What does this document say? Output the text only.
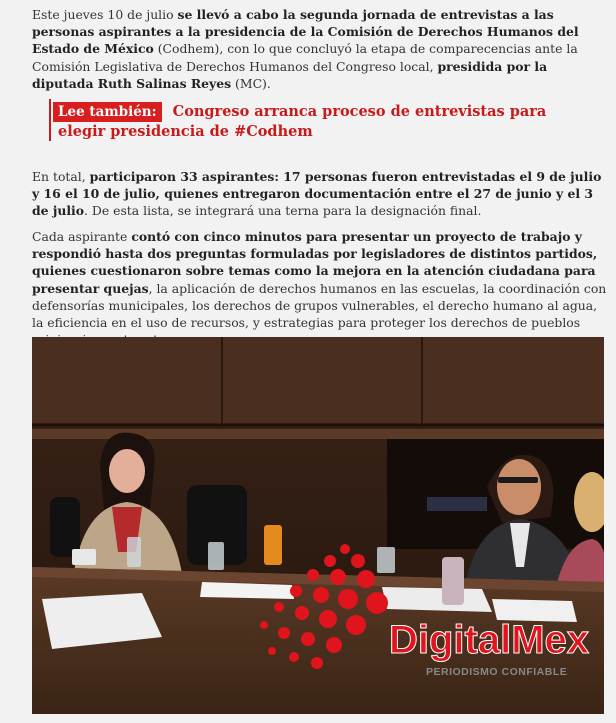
Este jueves 10 de julio se llevó a cabo la segunda jornada de entrevistas a las personas aspirantes a la presidencia de la Comisión de Derechos Humanos del Estado de México (Codhem), con lo que concluyó la etapa de comparecencias ante la Comisión Legislativa de Derechos Humanos del Congreso local, presidida por la diputada Ruth Salinas Reyes (MC).

Lee también: Congreso arranca proceso de entrevistas para elegir presidencia de #Codhem

En total, participaron 33 aspirantes: 17 personas fueron entrevistadas el 9 de julio y 16 el 10 de julio, quienes entregaron documentación entre el 27 de junio y el 3 de julio. De esta lista, se integrará una terna para la designación final.

Cada aspirante contó con cinco minutos para presentar un proyecto de trabajo y respondió hasta dos preguntas formuladas por legisladores de distintos partidos, quienes cuestionaron sobre temas como la mejora en la atención ciudadana para presentar quejas, la aplicación de derechos humanos en las escuelas, la coordinación con defensorías municipales, los derechos de grupos vulnerables, el derecho humano al agua, la eficiencia en el uso de recursos, y estrategias para proteger los derechos de pueblos

DigitalMex
PERIODISMO CONFIABLE
